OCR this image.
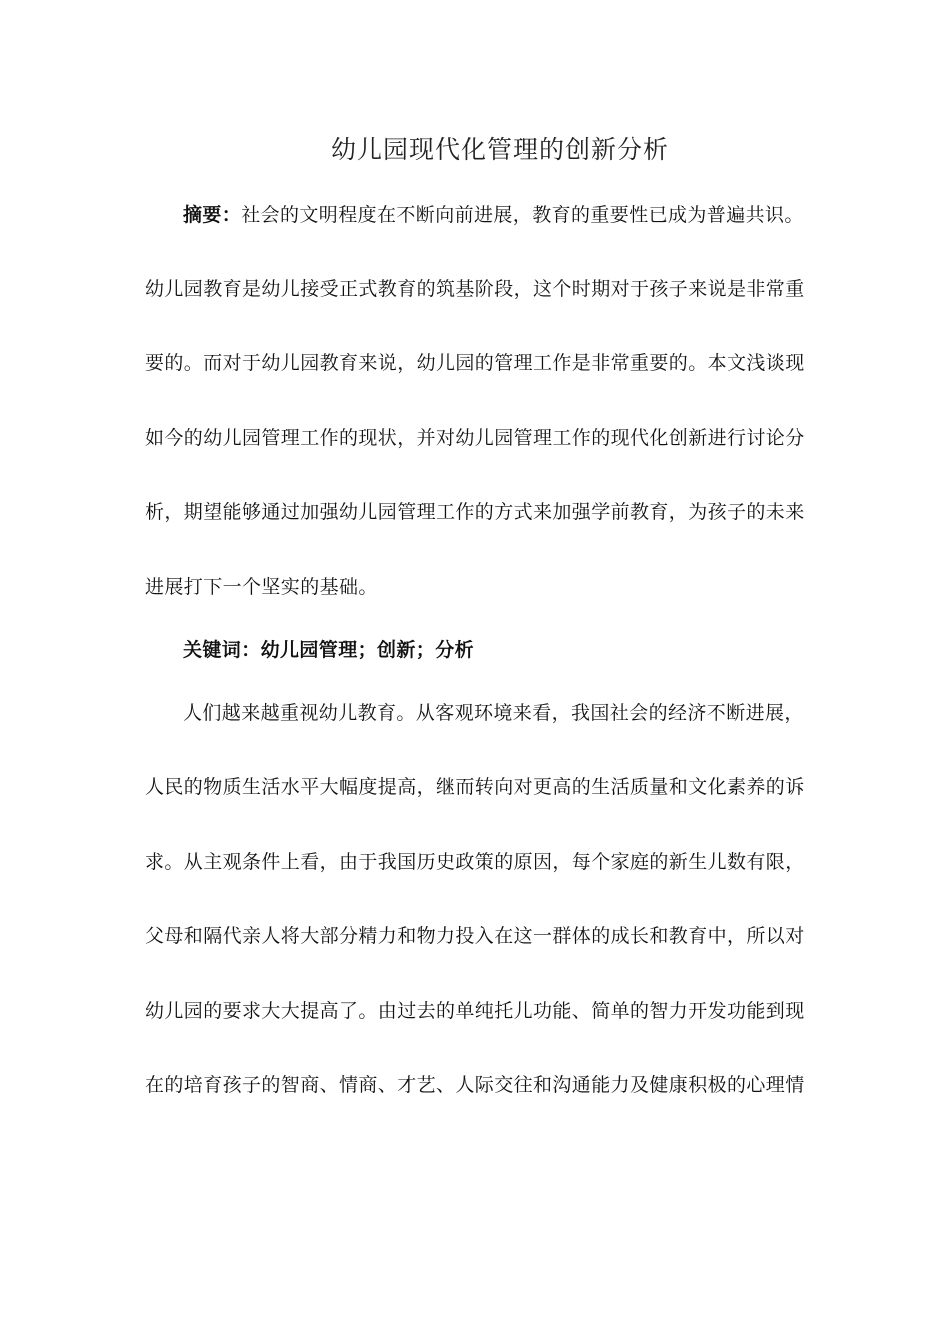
幼儿园现代化管理的创新分析
摘要：社会的文明程度在不断向前进展，教育的重要性已成为普遍共识。
幼儿园教育是幼儿接受正式教育的筑基阶段，这个时期对于孩子来说是非常重
要的。而对于幼儿园教育来说，幼儿园的管理工作是非常重要的。本文浅谈现
如今的幼儿园管理工作的现状，并对幼儿园管理工作的现代化创新进行讨论分
析，期望能够通过加强幼儿园管理工作的方式来加强学前教育，为孩子的未来
进展打下一个坚实的基础。
关键词：幼儿园管理；创新；分析
人们越来越重视幼儿教育。从客观环境来看，我国社会的经济不断进展，
人民的物质生活水平大幅度提高，继而转向对更高的生活质量和文化素养的诉
求。从主观条件上看，由于我国历史政策的原因，每个家庭的新生儿数有限，
父母和隔代亲人将大部分精力和物力投入在这一群体的成长和教育中，所以对
幼儿园的要求大大提高了。由过去的单纯托儿功能、简单的智力开发功能到现
在的培育孩子的智商、情商、才艺、人际交往和沟通能力及健康积极的心理情
